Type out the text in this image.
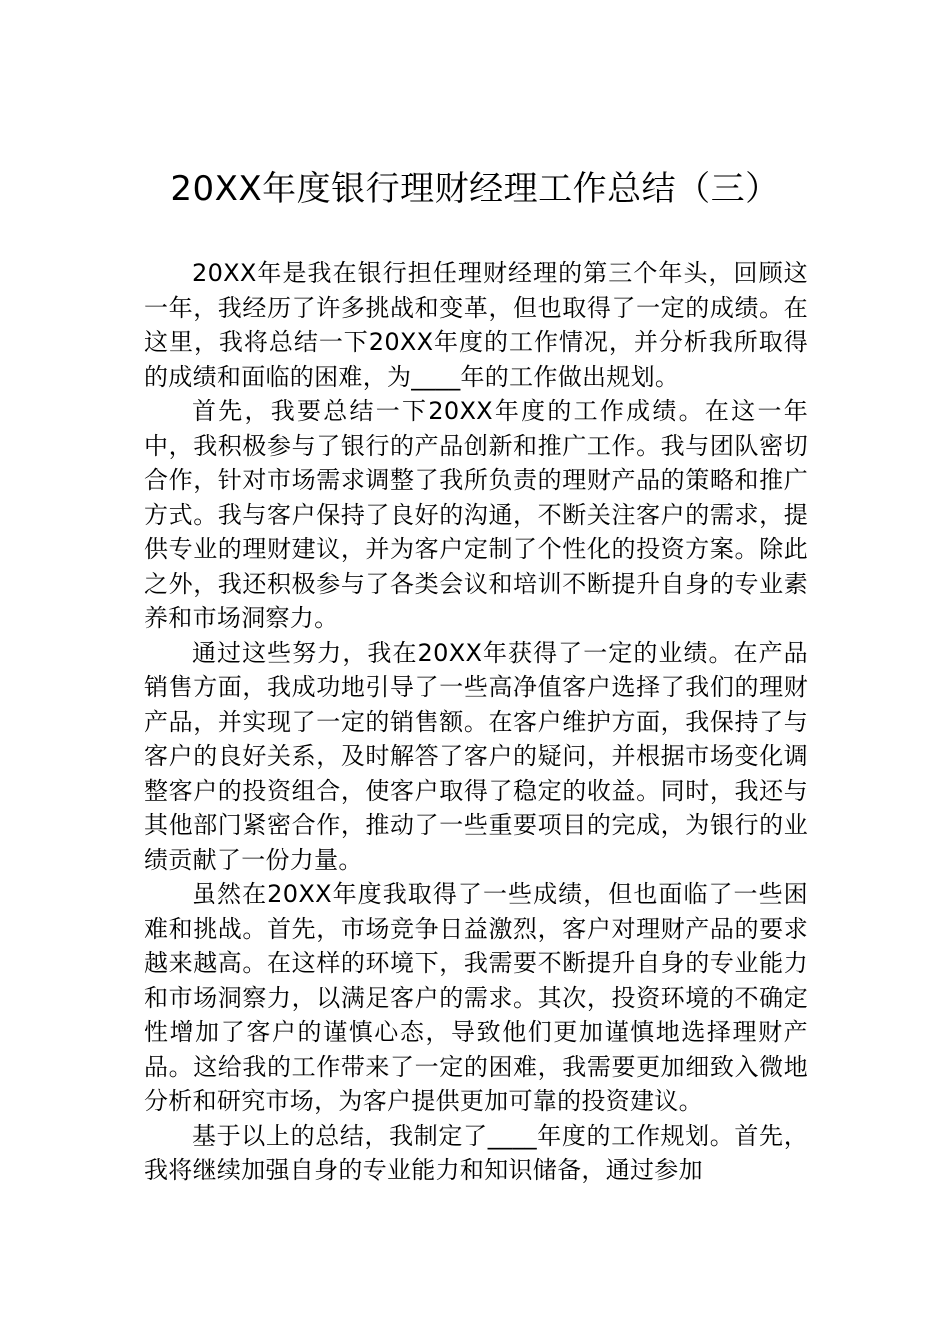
20XX年度银行理财经理工作总结（三）

20XX年是我在银行担任理财经理的第三个年头，回顾这一年，我经历了许多挑战和变革，但也取得了一定的成绩。在这里，我将总结一下20XX年度的工作情况，并分析我所取得的成绩和面临的困难，为____年的工作做出规划。

首先，我要总结一下20XX年度的工作成绩。在这一年中，我积极参与了银行的产品创新和推广工作。我与团队密切合作，针对市场需求调整了我所负责的理财产品的策略和推广方式。我与客户保持了良好的沟通，不断关注客户的需求，提供专业的理财建议，并为客户定制了个性化的投资方案。除此之外，我还积极参与了各类会议和培训不断提升自身的专业素养和市场洞察力。

通过这些努力，我在20XX年获得了一定的业绩。在产品销售方面，我成功地引导了一些高净值客户选择了我们的理财产品，并实现了一定的销售额。在客户维护方面，我保持了与客户的良好关系，及时解答了客户的疑问，并根据市场变化调整客户的投资组合，使客户取得了稳定的收益。同时，我还与其他部门紧密合作，推动了一些重要项目的完成，为银行的业绩贡献了一份力量。

虽然在20XX年度我取得了一些成绩，但也面临了一些困难和挑战。首先，市场竞争日益激烈，客户对理财产品的要求越来越高。在这样的环境下，我需要不断提升自身的专业能力和市场洞察力，以满足客户的需求。其次，投资环境的不确定性增加了客户的谨慎心态，导致他们更加谨慎地选择理财产品。这给我的工作带来了一定的困难，我需要更加细致入微地分析和研究市场，为客户提供更加可靠的投资建议。

基于以上的总结，我制定了____年度的工作规划。首先，我将继续加强自身的专业能力和知识储备，通过参加
